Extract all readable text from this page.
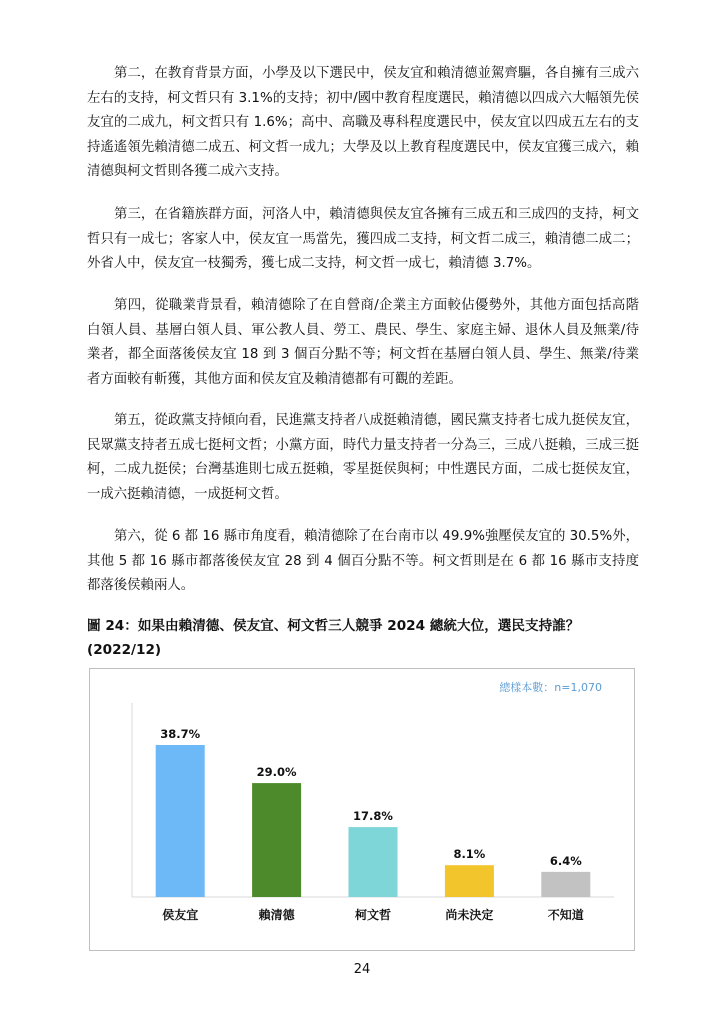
第二，在教育背景方面，小學及以下選民中，侯友宜和賴清德並駕齊驅，各自擁有三成六左右的支持，柯文哲只有 3.1%的支持；初中/國中教育程度選民，賴清德以四成六大幅領先侯友宜的二成九，柯文哲只有 1.6%；高中、高職及專科程度選民中，侯友宜以四成五左右的支持遙遙領先賴清德二成五、柯文哲一成九；大學及以上教育程度選民中，侯友宜獲三成六，賴清德與柯文哲則各獲二成六支持。

第三，在省籍族群方面，河洛人中，賴清德與侯友宜各擁有三成五和三成四的支持，柯文哲只有一成七；客家人中，侯友宜一馬當先，獲四成二支持，柯文哲二成三，賴清德二成二；外省人中，侯友宜一枝獨秀，獲七成二支持，柯文哲一成七，賴清德 3.7%。

第四，從職業背景看，賴清德除了在自營商/企業主方面較佔優勢外，其他方面包括高階白領人員、基層白領人員、軍公教人員、勞工、農民、學生、家庭主婦、退休人員及無業/待業者，都全面落後侯友宜 18 到 3 個百分點不等；柯文哲在基層白領人員、學生、無業/待業者方面較有斬獲，其他方面和侯友宜及賴清德都有可觀的差距。

第五，從政黨支持傾向看，民進黨支持者八成挺賴清德，國民黨支持者七成九挺侯友宜，民眾黨支持者五成七挺柯文哲；小黨方面，時代力量支持者一分為三，三成八挺賴，三成三挺柯，二成九挺侯；台灣基進則七成五挺賴，零星挺侯與柯；中性選民方面，二成七挺侯友宜，一成六挺賴清德，一成挺柯文哲。

第六，從 6 都 16 縣市角度看，賴清德除了在台南市以 49.9%強壓侯友宜的 30.5%外，其他 5 都 16 縣市都落後侯友宜 28 到 4 個百分點不等。柯文哲則是在 6 都 16 縣市支持度都落後侯賴兩人。

圖 24：如果由賴清德、侯友宜、柯文哲三人競爭 2024 總統大位，選民支持誰？
(2022/12)
總樣本數：n=1,070
38.7%
侯友宜
29.0%
賴清德
17.8%
柯文哲
8.1%
尚未決定
6.4%
不知道
24
